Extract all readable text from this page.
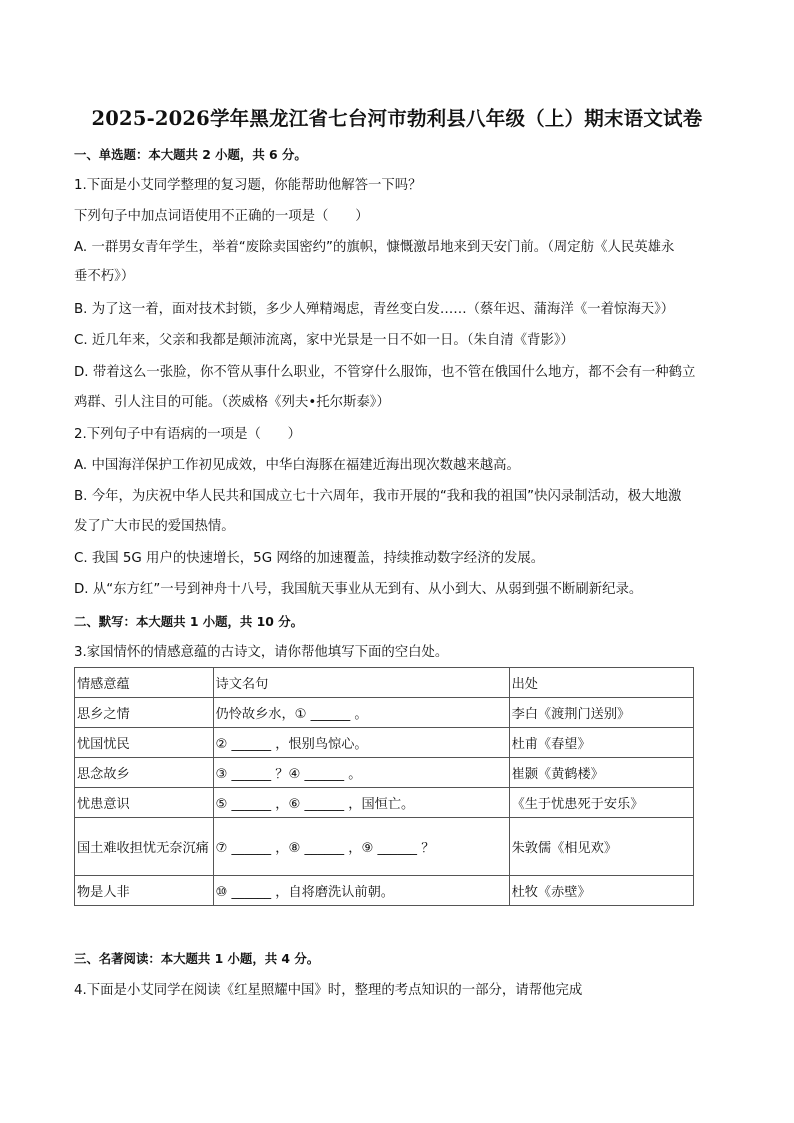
2025-2026学年黑龙江省七台河市勃利县八年级（上）期末语文试卷
一、单选题：本大题共 2 小题，共 6 分。
1.下面是小艾同学整理的复习题，你能帮助他解答一下吗？
下列句子中加点词语使用不正确的一项是（　　）
A. 一群男女青年学生，举着“废除卖国密约”的旗帜，慷慨激昂地来到天安门前。（周定舫《人民英雄永
垂不朽》）
B. 为了这一着，面对技术封锁，多少人殚精竭虑，青丝变白发……（蔡年迟、蒲海洋《一着惊海天》）
C. 近几年来，父亲和我都是颠沛流离，家中光景是一日不如一日。（朱自清《背影》）
D. 带着这么一张脸，你不管从事什么职业，不管穿什么服饰，也不管在俄国什么地方，都不会有一种鹤立
鸡群、引人注目的可能。（茨威格《列夫•托尔斯泰》）
2.下列句子中有语病的一项是（　　）
A. 中国海洋保护工作初见成效，中华白海豚在福建近海出现次数越来越高。
B. 今年，为庆祝中华人民共和国成立七十六周年，我市开展的“我和我的祖国”快闪录制活动，极大地激
发了广大市民的爱国热情。
C. 我国 5G 用户的快速增长，5G 网络的加速覆盖，持续推动数字经济的发展。
D. 从“东方红”一号到神舟十八号，我国航天事业从无到有、从小到大、从弱到强不断刷新纪录。
二、默写：本大题共 1 小题，共 10 分。
3.家国情怀的情感意蕴的古诗文，请你帮他填写下面的空白处。
情感意蕴	诗文名句	出处
思乡之情	仍怜故乡水，① ______ 。	李白《渡荆门送别》
忧国忧民	② ______ ，恨别鸟惊心。	杜甫《春望》
思念故乡	③ ______ ？④ ______ 。	崔颢《黄鹤楼》
忧患意识	⑤ ______ ，⑥ ______ ，国恒亡。	《生于忧患死于安乐》
国土难收担忧无奈沉痛	⑦ ______ ，⑧ ______ ，⑨ ______ ？	朱敦儒《相见欢》
物是人非	⑩ ______ ，自将磨洗认前朝。	杜牧《赤壁》
三、名著阅读：本大题共 1 小题，共 4 分。
4.下面是小艾同学在阅读《红星照耀中国》时，整理的考点知识的一部分，请帮他完成
